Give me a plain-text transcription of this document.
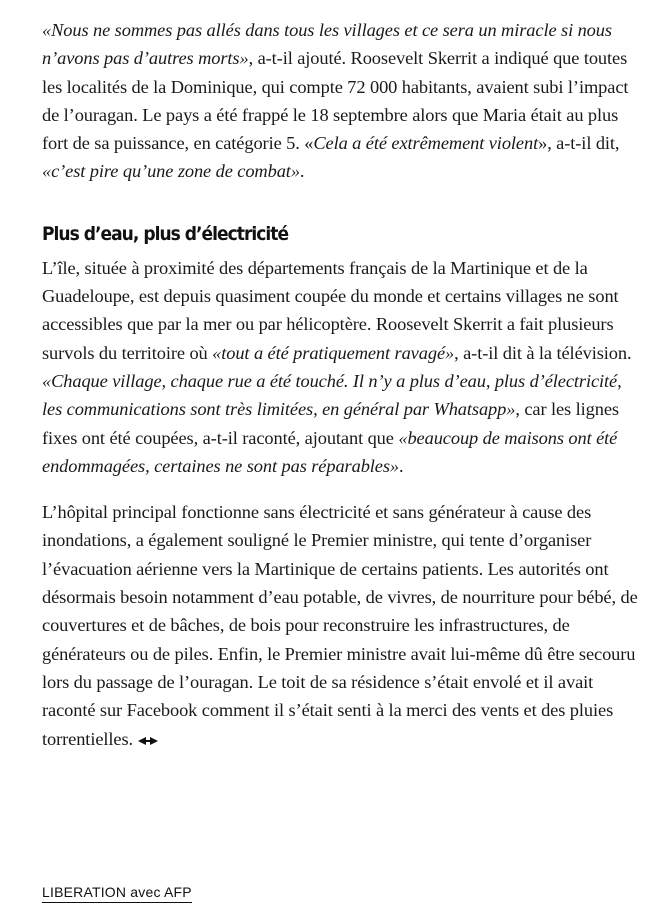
«Nous ne sommes pas allés dans tous les villages et ce sera un miracle si nous n’avons pas d’autres morts», a-t-il ajouté. Roosevelt Skerrit a indiqué que toutes les localités de la Dominique, qui compte 72 000 habitants, avaient subi l’impact de l’ouragan. Le pays a été frappé le 18 septembre alors que Maria était au plus fort de sa puissance, en catégorie 5. «Cela a été extrêmement violent», a-t-il dit, «c’est pire qu’une zone de combat».

Plus d’eau, plus d’électricité

L’île, située à proximité des départements français de la Martinique et de la Guadeloupe, est depuis quasiment coupée du monde et certains villages ne sont accessibles que par la mer ou par hélicoptère. Roosevelt Skerrit a fait plusieurs survols du territoire où «tout a été pratiquement ravagé», a-t-il dit à la télévision. «Chaque village, chaque rue a été touché. Il n’y a plus d’eau, plus d’électricité, les communications sont très limitées, en général par Whatsapp», car les lignes fixes ont été coupées, a-t-il raconté, ajoutant que «beaucoup de maisons ont été endommagées, certaines ne sont pas réparables».

L’hôpital principal fonctionne sans électricité et sans générateur à cause des inondations, a également souligné le Premier ministre, qui tente d’organiser l’évacuation aérienne vers la Martinique de certains patients. Les autorités ont désormais besoin notamment d’eau potable, de vivres, de nourriture pour bébé, de couvertures et de bâches, de bois pour reconstruire les infrastructures, de générateurs ou de piles. Enfin, le Premier ministre avait lui-même dû être secouru lors du passage de l’ouragan. Le toit de sa résidence s’était envolé et il avait raconté sur Facebook comment il s’était senti à la merci des vents et des pluies torrentielles.

LIBERATION avec AFP
